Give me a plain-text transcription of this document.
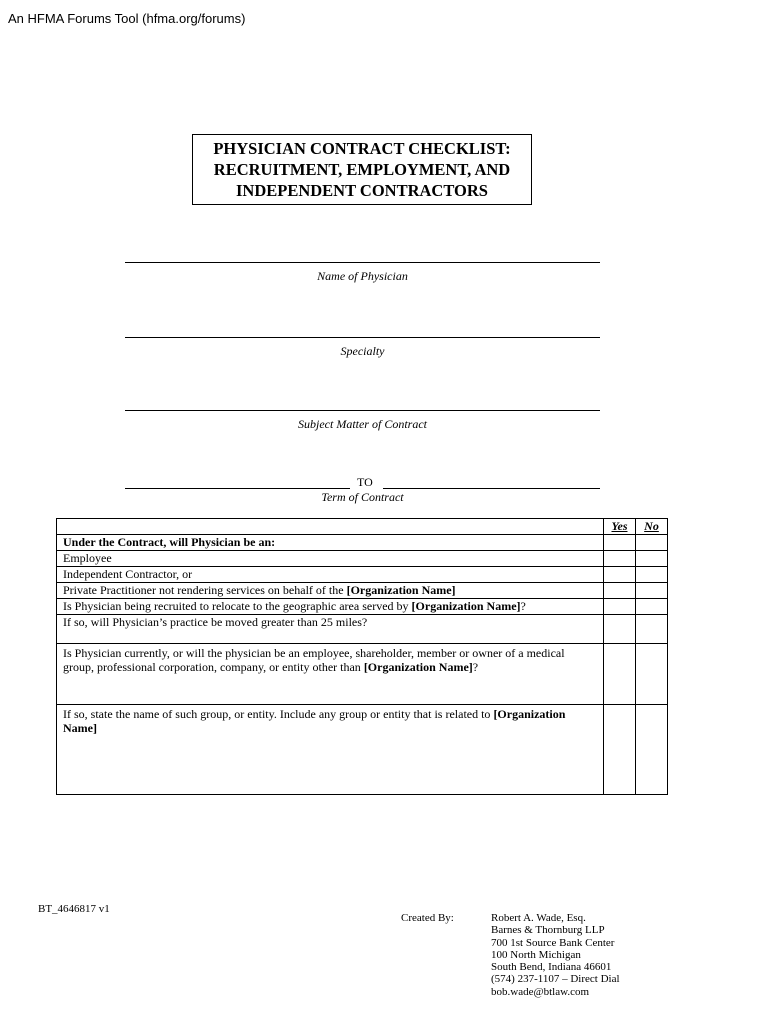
An HFMA Forums Tool (hfma.org/forums)
PHYSICIAN CONTRACT CHECKLIST:
RECRUITMENT, EMPLOYMENT, AND
INDEPENDENT CONTRACTORS
Name of Physician
Specialty
Subject Matter of Contract
TO
Term of Contract
	Yes	No
Under the Contract, will Physician be an:		
Employee		
Independent Contractor, or		
Private Practitioner not rendering services on behalf of the [Organization Name]		
Is Physician being recruited to relocate to the geographic area served by [Organization Name]?		
If so, will Physician’s practice be moved greater than 25 miles?		
Is Physician currently, or will the physician be an employee, shareholder, member or owner of a medical group, professional corporation, company, or entity other than [Organization Name]?		
If so, state the name of such group, or entity. Include any group or entity that is related to [Organization Name]		
BT_4646817 v1
Created By:	Robert A. Wade, Esq.
Barnes & Thornburg LLP
700 1st Source Bank Center
100 North Michigan
South Bend, Indiana 46601
(574) 237-1107 – Direct Dial
bob.wade@btlaw.com
